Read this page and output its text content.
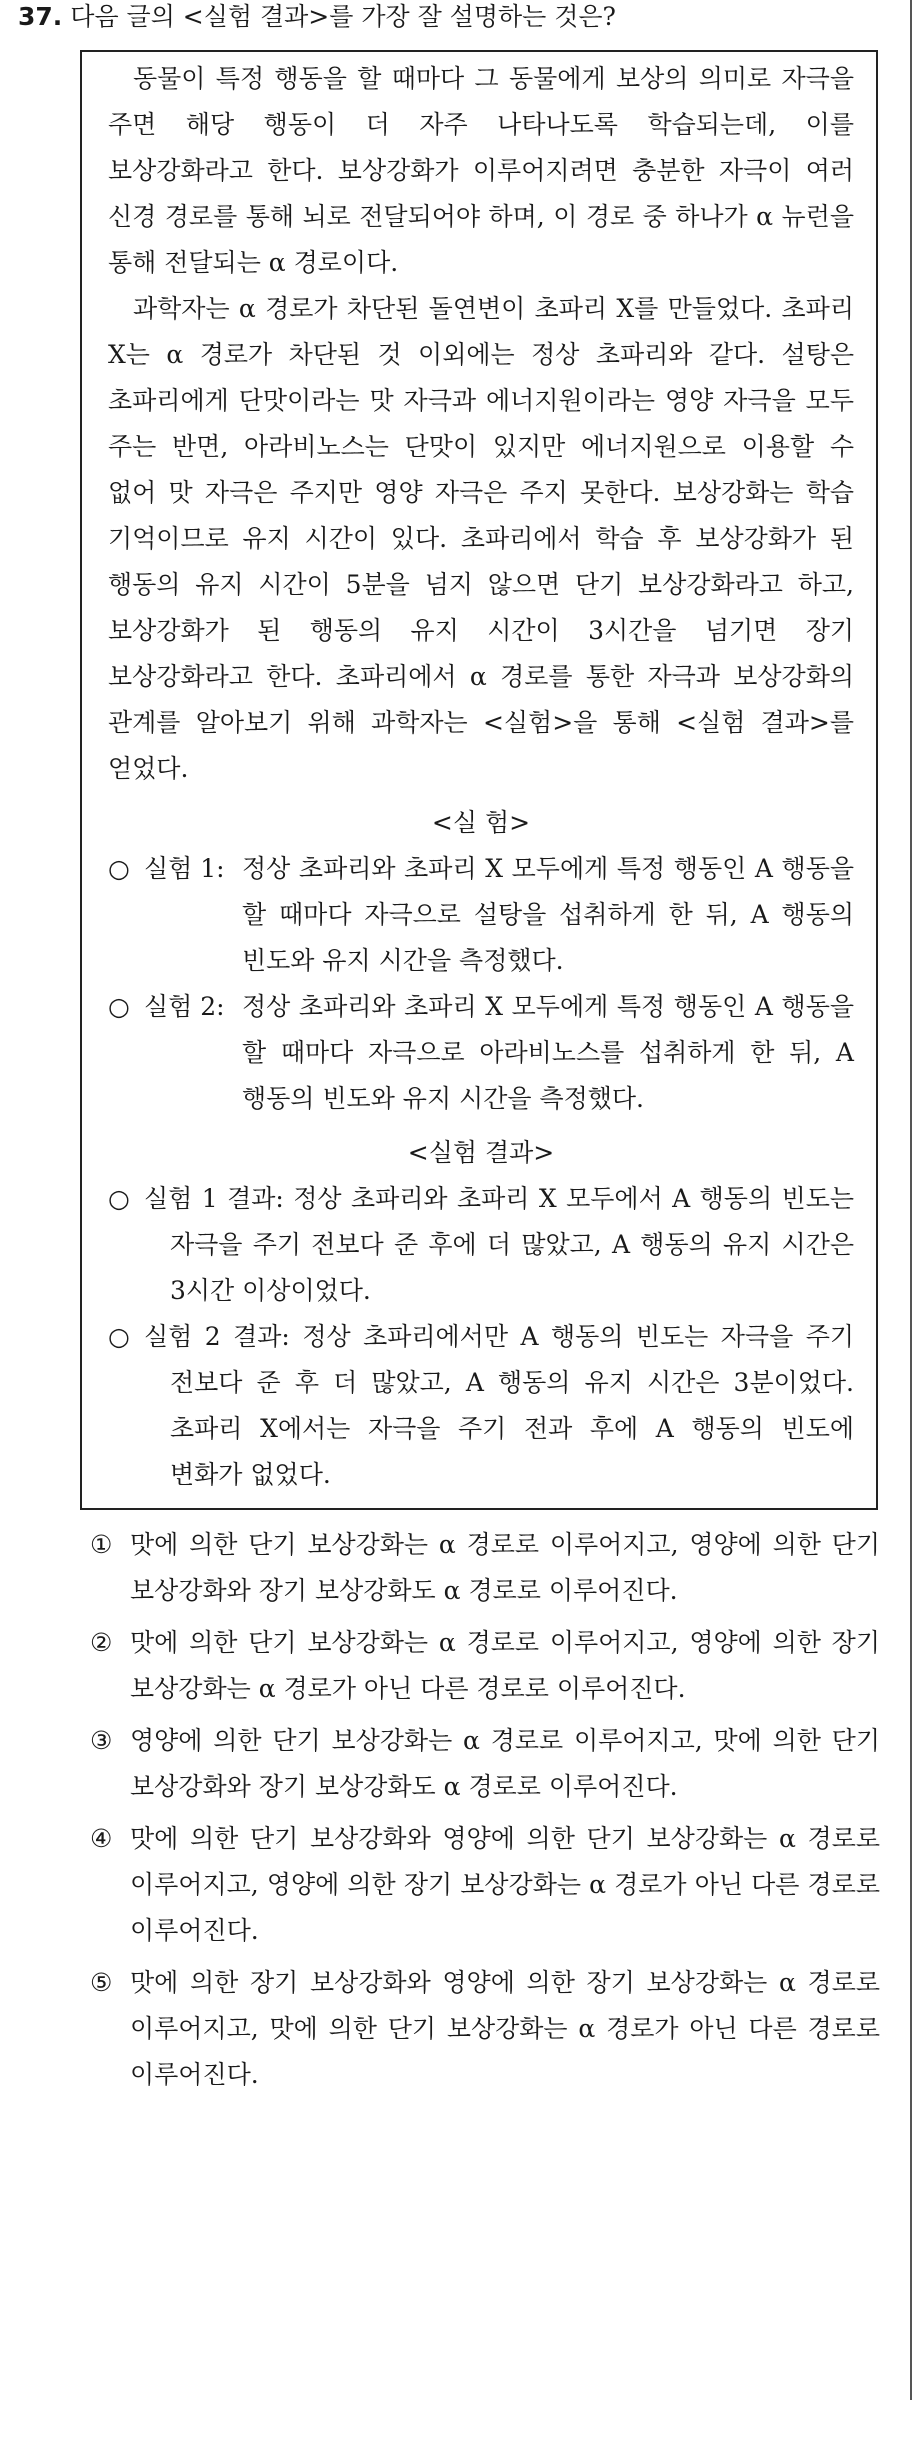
37. 다음 글의 <실험 결과>를 가장 잘 설명하는 것은?

동물이 특정 행동을 할 때마다 그 동물에게 보상의 의미로 자극을 주면 해당 행동이 더 자주 나타나도록 학습되는데, 이를 보상강화라고 한다. 보상강화가 이루어지려면 충분한 자극이 여러 신경 경로를 통해 뇌로 전달되어야 하며, 이 경로 중 하나가 α 뉴런을 통해 전달되는 α 경로이다.

과학자는 α 경로가 차단된 돌연변이 초파리 X를 만들었다. 초파리 X는 α 경로가 차단된 것 이외에는 정상 초파리와 같다. 설탕은 초파리에게 단맛이라는 맛 자극과 에너지원이라는 영양 자극을 모두 주는 반면, 아라비노스는 단맛이 있지만 에너지원으로 이용할 수 없어 맛 자극은 주지만 영양 자극은 주지 못한다. 보상강화는 학습 기억이므로 유지 시간이 있다. 초파리에서 학습 후 보상강화가 된 행동의 유지 시간이 5분을 넘지 않으면 단기 보상강화라고 하고, 보상강화가 된 행동의 유지 시간이 3시간을 넘기면 장기 보상강화라고 한다. 초파리에서 α 경로를 통한 자극과 보상강화의 관계를 알아보기 위해 과학자는 <실험>을 통해 <실험 결과>를 얻었다.

<실 험>
○ 실험 1: 정상 초파리와 초파리 X 모두에게 특정 행동인 A 행동을 할 때마다 자극으로 설탕을 섭취하게 한 뒤, A 행동의 빈도와 유지 시간을 측정했다.
○ 실험 2: 정상 초파리와 초파리 X 모두에게 특정 행동인 A 행동을 할 때마다 자극으로 아라비노스를 섭취하게 한 뒤, A 행동의 빈도와 유지 시간을 측정했다.
<실험 결과>
○ 실험 1 결과: 정상 초파리와 초파리 X 모두에서 A 행동의 빈도는 자극을 주기 전보다 준 후에 더 많았고, A 행동의 유지 시간은 3시간 이상이었다.
○ 실험 2 결과: 정상 초파리에서만 A 행동의 빈도는 자극을 주기 전보다 준 후 더 많았고, A 행동의 유지 시간은 3분이었다. 초파리 X에서는 자극을 주기 전과 후에 A 행동의 빈도에 변화가 없었다.
① 맛에 의한 단기 보상강화는 α 경로로 이루어지고, 영양에 의한 단기 보상강화와 장기 보상강화도 α 경로로 이루어진다.
② 맛에 의한 단기 보상강화는 α 경로로 이루어지고, 영양에 의한 장기 보상강화는 α 경로가 아닌 다른 경로로 이루어진다.
③ 영양에 의한 단기 보상강화는 α 경로로 이루어지고, 맛에 의한 단기 보상강화와 장기 보상강화도 α 경로로 이루어진다.
④ 맛에 의한 단기 보상강화와 영양에 의한 단기 보상강화는 α 경로로 이루어지고, 영양에 의한 장기 보상강화는 α 경로가 아닌 다른 경로로 이루어진다.
⑤ 맛에 의한 장기 보상강화와 영양에 의한 장기 보상강화는 α 경로로 이루어지고, 맛에 의한 단기 보상강화는 α 경로가 아닌 다른 경로로 이루어진다.
